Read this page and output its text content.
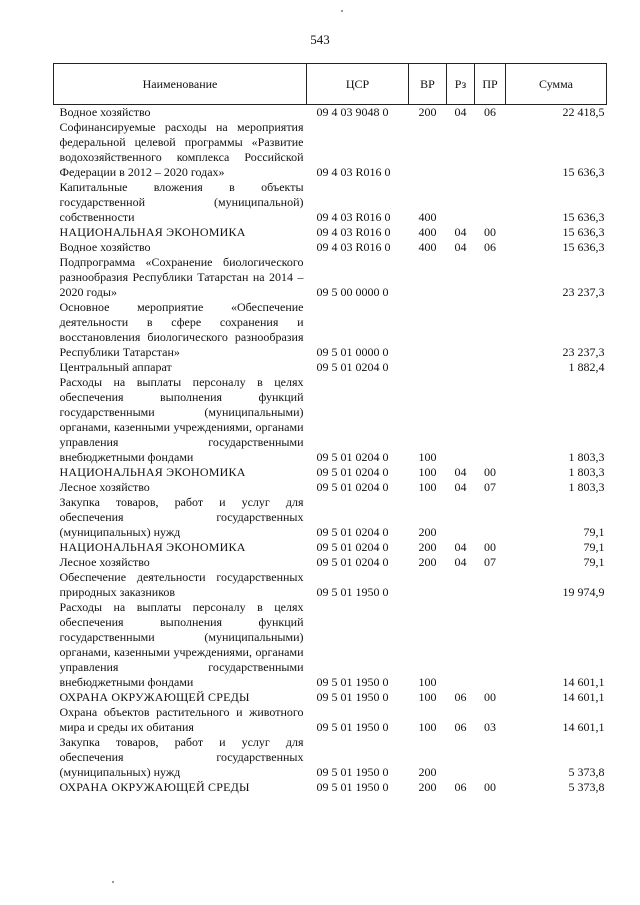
543
Наименование	ЦСР	ВР	Рз	ПР	Сумма
Водное хозяйство	09 4 03 9048 0	200	04	06	22 418,5
Софинансируемые расходы на мероприятия федеральной целевой программы «Развитие водохозяйственного комплекса Российской Федерации в 2012 – 2020 годах»	09 4 03 R016 0				15 636,3
Капитальные вложения в объекты государственной (муниципальной) собственности	09 4 03 R016 0	400			15 636,3
НАЦИОНАЛЬНАЯ ЭКОНОМИКА	09 4 03 R016 0	400	04	00	15 636,3
Водное хозяйство	09 4 03 R016 0	400	04	06	15 636,3
Подпрограмма «Сохранение биологического разнообразия Республики Татарстан на 2014 – 2020 годы»	09 5 00 0000 0				23 237,3
Основное мероприятие «Обеспечение деятельности в сфере сохранения и восстановления биологического разнообразия Республики Татарстан»	09 5 01 0000 0				23 237,3
Центральный аппарат	09 5 01 0204 0				1 882,4
Расходы на выплаты персоналу в целях обеспечения выполнения функций государственными (муниципальными) органами, казенными учреждениями, органами управления государственными внебюджетными фондами	09 5 01 0204 0	100			1 803,3
НАЦИОНАЛЬНАЯ ЭКОНОМИКА	09 5 01 0204 0	100	04	00	1 803,3
Лесное хозяйство	09 5 01 0204 0	100	04	07	1 803,3
Закупка товаров, работ и услуг для обеспечения государственных (муниципальных) нужд	09 5 01 0204 0	200			79,1
НАЦИОНАЛЬНАЯ ЭКОНОМИКА	09 5 01 0204 0	200	04	00	79,1
Лесное хозяйство	09 5 01 0204 0	200	04	07	79,1
Обеспечение деятельности государственных природных заказников	09 5 01 1950 0				19 974,9
Расходы на выплаты персоналу в целях обеспечения выполнения функций государственными (муниципальными) органами, казенными учреждениями, органами управления государственными внебюджетными фондами	09 5 01 1950 0	100			14 601,1
ОХРАНА ОКРУЖАЮЩЕЙ СРЕДЫ	09 5 01 1950 0	100	06	00	14 601,1
Охрана объектов растительного и животного мира и среды их обитания	09 5 01 1950 0	100	06	03	14 601,1
Закупка товаров, работ и услуг для обеспечения государственных (муниципальных) нужд	09 5 01 1950 0	200			5 373,8
ОХРАНА ОКРУЖАЮЩЕЙ СРЕДЫ	09 5 01 1950 0	200	06	00	5 373,8
